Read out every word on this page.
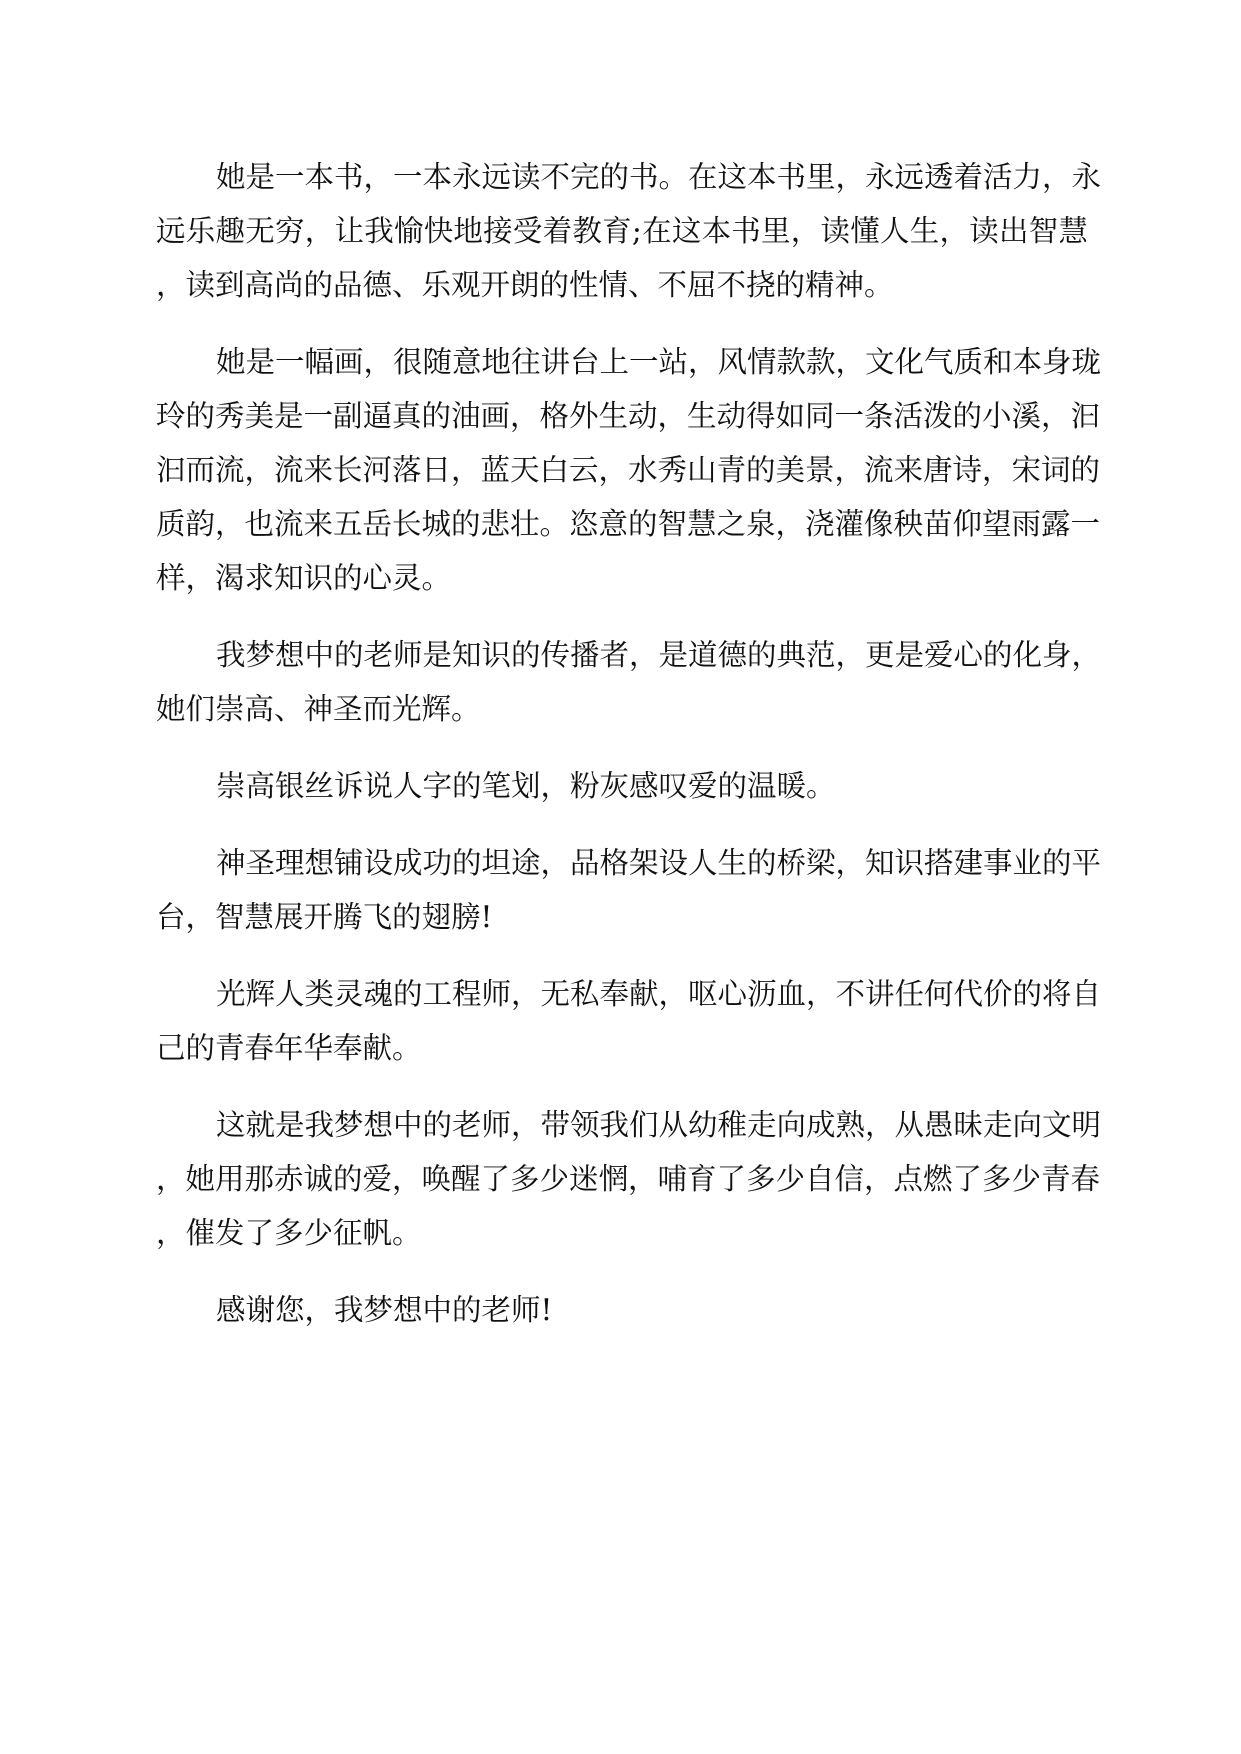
她是一本书，一本永远读不完的书。在这本书里，永远透着活力，永
远乐趣无穷，让我愉快地接受着教育;在这本书里，读懂人生，读出智慧
，读到高尚的品德、乐观开朗的性情、不屈不挠的精神。
她是一幅画，很随意地往讲台上一站，风情款款，文化气质和本身珑
玲的秀美是一副逼真的油画，格外生动，生动得如同一条活泼的小溪，汩
汩而流，流来长河落日，蓝天白云，水秀山青的美景，流来唐诗，宋词的
质韵，也流来五岳长城的悲壮。恣意的智慧之泉，浇灌像秧苗仰望雨露一
样，渴求知识的心灵。
我梦想中的老师是知识的传播者，是道德的典范，更是爱心的化身，
她们崇高、神圣而光辉。
崇高银丝诉说人字的笔划，粉灰感叹爱的温暖。
神圣理想铺设成功的坦途，品格架设人生的桥梁，知识搭建事业的平
台，智慧展开腾飞的翅膀!
光辉人类灵魂的工程师，无私奉献，呕心沥血，不讲任何代价的将自
己的青春年华奉献。
这就是我梦想中的老师，带领我们从幼稚走向成熟，从愚昧走向文明
，她用那赤诚的爱，唤醒了多少迷惘，哺育了多少自信，点燃了多少青春
，催发了多少征帆。
感谢您，我梦想中的老师!
